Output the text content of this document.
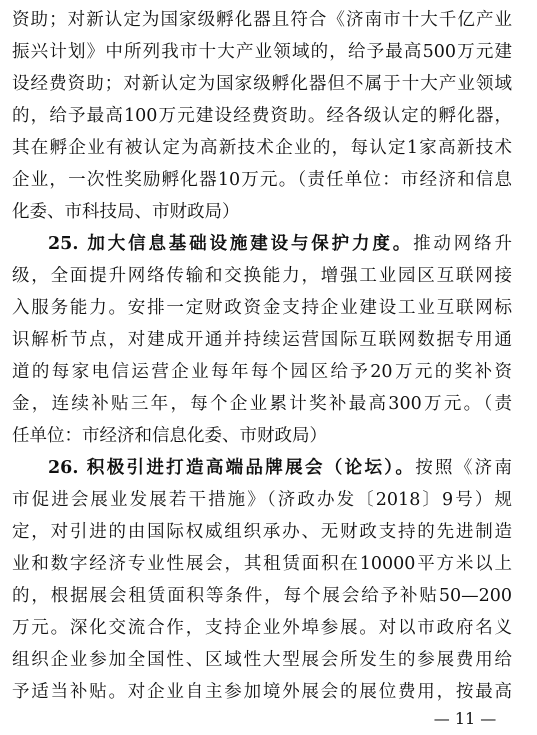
资助；对新认定为国家级孵化器且符合《济南市十大千亿产业
振兴计划》中所列我市十大产业领域的，给予最高500万元建
设经费资助；对新认定为国家级孵化器但不属于十大产业领域
的，给予最高100万元建设经费资助。经各级认定的孵化器，
其在孵企业有被认定为高新技术企业的，每认定1家高新技术
企业，一次性奖励孵化器10万元。（责任单位：市经济和信息
化委、市科技局、市财政局）
25. 加大信息基础设施建设与保护力度。推动网络升
级，全面提升网络传输和交换能力，增强工业园区互联网接
入服务能力。安排一定财政资金支持企业建设工业互联网标
识解析节点，对建成开通并持续运营国际互联网数据专用通
道的每家电信运营企业每年每个园区给予20万元的奖补资
金，连续补贴三年，每个企业累计奖补最高300万元。（责
任单位：市经济和信息化委、市财政局）
26. 积极引进打造高端品牌展会（论坛）。按照《济南
市促进会展业发展若干措施》（济政办发〔2018〕9号）规
定，对引进的由国际权威组织承办、无财政支持的先进制造
业和数字经济专业性展会，其租赁面积在10000平方米以上
的，根据展会租赁面积等条件，每个展会给予补贴50—200
万元。深化交流合作，支持企业外埠参展。对以市政府名义
组织企业参加全国性、区域性大型展会所发生的参展费用给
予适当补贴。对企业自主参加境外展会的展位费用，按最高
— 11 —
